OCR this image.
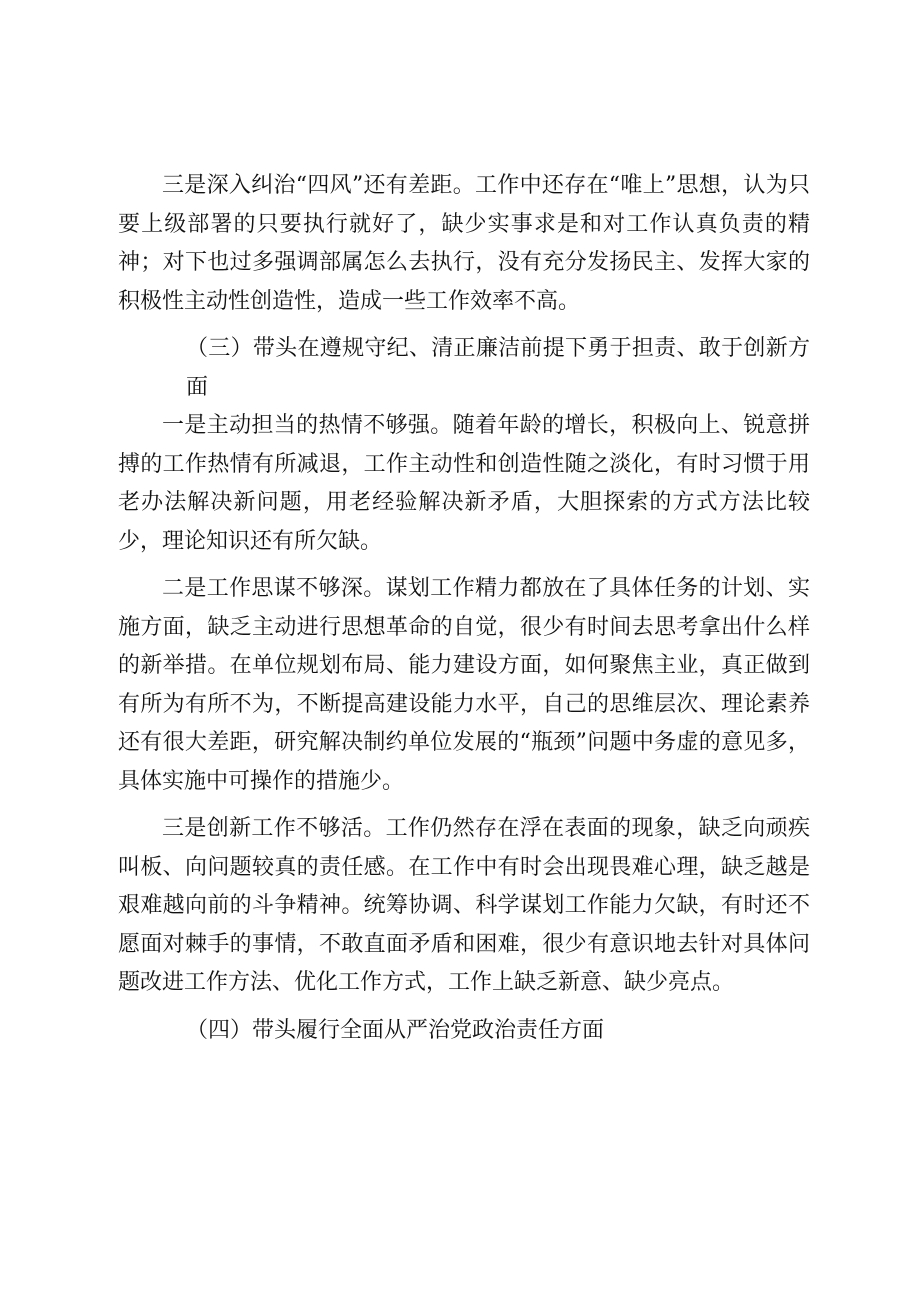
三是深入纠治“四风”还有差距。工作中还存在“唯上”思想，认为只要上级部署的只要执行就好了，缺少实事求是和对工作认真负责的精神；对下也过多强调部属怎么去执行，没有充分发扬民主、发挥大家的积极性主动性创造性，造成一些工作效率不高。

（三）带头在遵规守纪、清正廉洁前提下勇于担责、敢于创新方面

一是主动担当的热情不够强。随着年龄的增长，积极向上、锐意拼搏的工作热情有所减退，工作主动性和创造性随之淡化，有时习惯于用老办法解决新问题，用老经验解决新矛盾，大胆探索的方式方法比较少，理论知识还有所欠缺。

二是工作思谋不够深。谋划工作精力都放在了具体任务的计划、实施方面，缺乏主动进行思想革命的自觉，很少有时间去思考拿出什么样的新举措。在单位规划布局、能力建设方面，如何聚焦主业，真正做到有所为有所不为，不断提高建设能力水平，自己的思维层次、理论素养还有很大差距，研究解决制约单位发展的“瓶颈”问题中务虚的意见多，具体实施中可操作的措施少。

三是创新工作不够活。工作仍然存在浮在表面的现象，缺乏向顽疾叫板、向问题较真的责任感。在工作中有时会出现畏难心理，缺乏越是艰难越向前的斗争精神。统筹协调、科学谋划工作能力欠缺，有时还不愿面对棘手的事情，不敢直面矛盾和困难，很少有意识地去针对具体问题改进工作方法、优化工作方式，工作上缺乏新意、缺少亮点。

（四）带头履行全面从严治党政治责任方面
